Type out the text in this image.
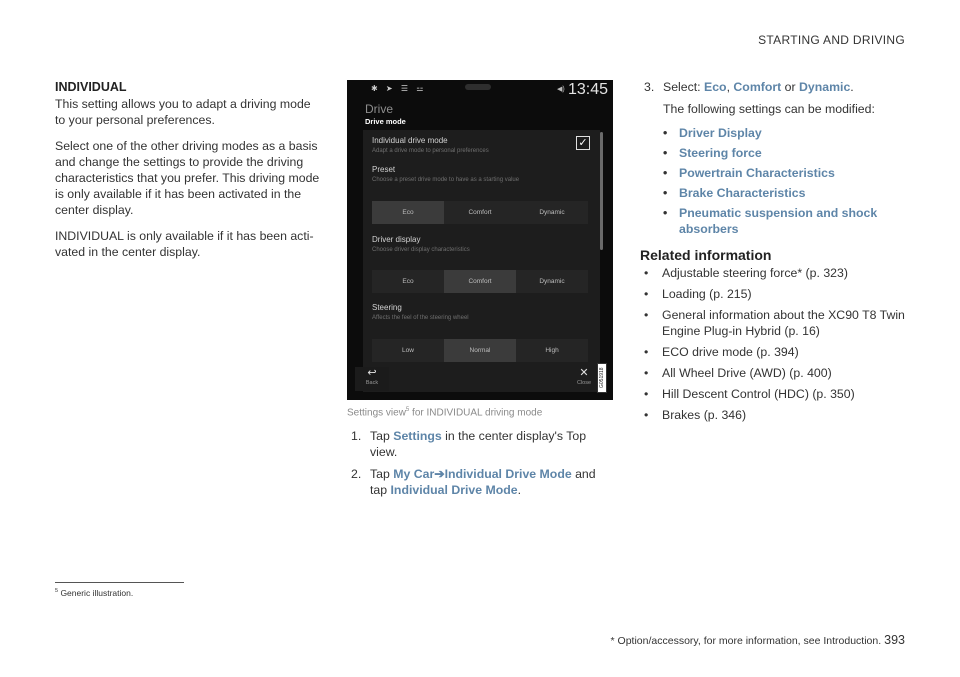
STARTING AND DRIVING
INDIVIDUAL

This setting allows you to adapt a driving mode to your personal preferences.

Select one of the other driving modes as a basis and change the settings to provide the driving characteristics that you prefer. This driving mode is only available if it has been activated in the center display.

INDIVIDUAL is only available if it has been acti-vated in the center display.

✱ ➤ ☰ ⚍	◀) 13:45
Drive
Drive mode
Individual drive mode
Adapt a drive mode to personal preferences
✓
Preset
Choose a preset drive mode to have as a starting value
Eco	Comfort	Dynamic
Driver display
Choose driver display characteristics
Eco	Comfort	Dynamic
Steering
Affects the feel of the steering wheel
Low	Normal	High
↩
Back
✕
Close	G051918
Settings view$^5$ for INDIVIDUAL driving mode
1. Tap Settings in the center display's Top view.
2. Tap My Car➔Individual Drive Mode and tap Individual Drive Mode.
3. Select: Eco, Comfort or Dynamic.
The following settings can be modified:
• Driver Display
• Steering force
• Powertrain Characteristics
• Brake Characteristics
• Pneumatic suspension and shock absorbers
Related information
• Adjustable steering force* (p. 323)
• Loading (p. 215)
• General information about the XC90 T8 Twin Engine Plug-in Hybrid (p. 16)
• ECO drive mode (p. 394)
• All Wheel Drive (AWD) (p. 400)
• Hill Descent Control (HDC) (p. 350)
• Brakes (p. 346)
$^5$ Generic illustration.
* Option/accessory, for more information, see Introduction. 393
